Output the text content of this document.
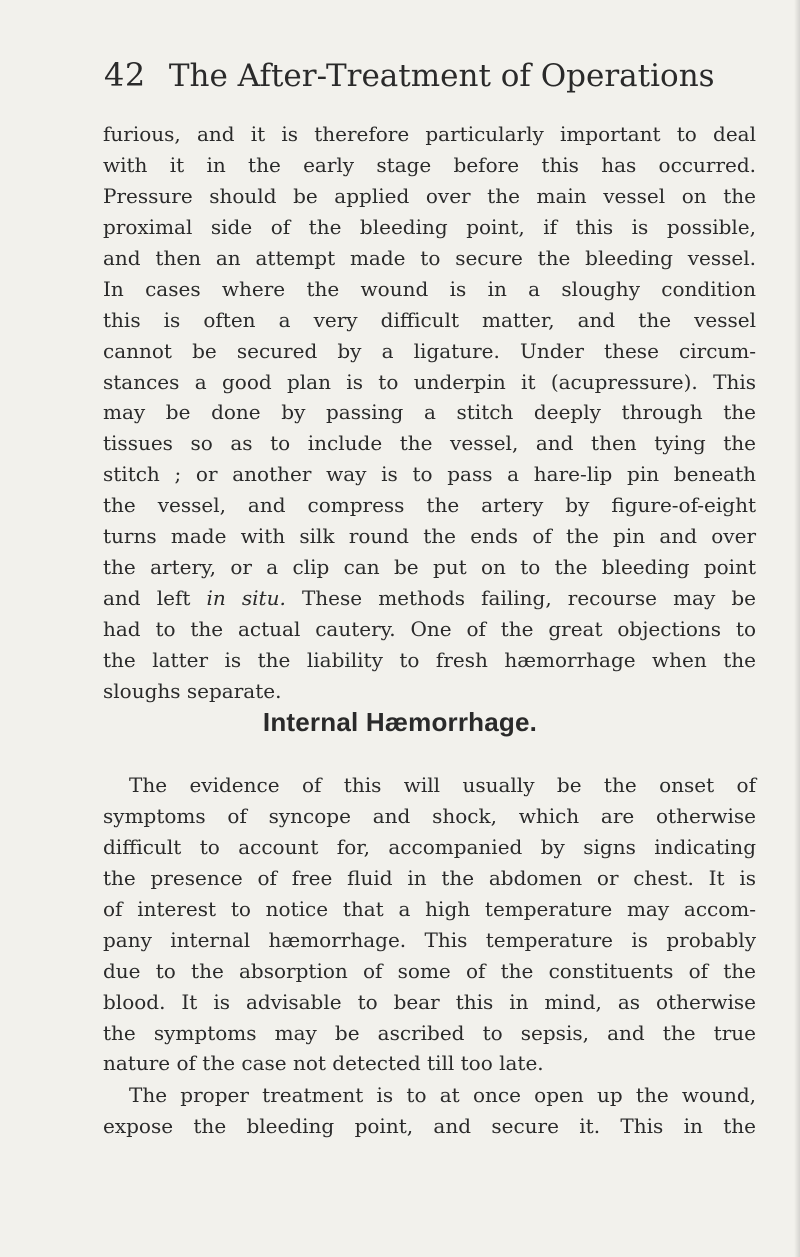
42 The After-Treatment of Operations
furious, and it is therefore particularly important to deal
with it in the early stage before this has occurred.
Pressure should be applied over the main vessel on the
proximal side of the bleeding point, if this is possible,
and then an attempt made to secure the bleeding vessel.
In cases where the wound is in a sloughy condition
this is often a very difficult matter, and the vessel
cannot be secured by a ligature. Under these circum-
stances a good plan is to underpin it (acupressure). This
may be done by passing a stitch deeply through the
tissues so as to include the vessel, and then tying the
stitch ; or another way is to pass a hare-lip pin beneath
the vessel, and compress the artery by figure-of-eight
turns made with silk round the ends of the pin and over
the artery, or a clip can be put on to the bleeding point
and left in situ. These methods failing, recourse may be
had to the actual cautery. One of the great objections to
the latter is the liability to fresh hæmorrhage when the
sloughs separate.
Internal Hæmorrhage.
The evidence of this will usually be the onset of
symptoms of syncope and shock, which are otherwise
difficult to account for, accompanied by signs indicating
the presence of free fluid in the abdomen or chest. It is
of interest to notice that a high temperature may accom-
pany internal hæmorrhage. This temperature is probably
due to the absorption of some of the constituents of the
blood. It is advisable to bear this in mind, as otherwise
the symptoms may be ascribed to sepsis, and the true
nature of the case not detected till too late.
The proper treatment is to at once open up the wound,
expose the bleeding point, and secure it. This in the
